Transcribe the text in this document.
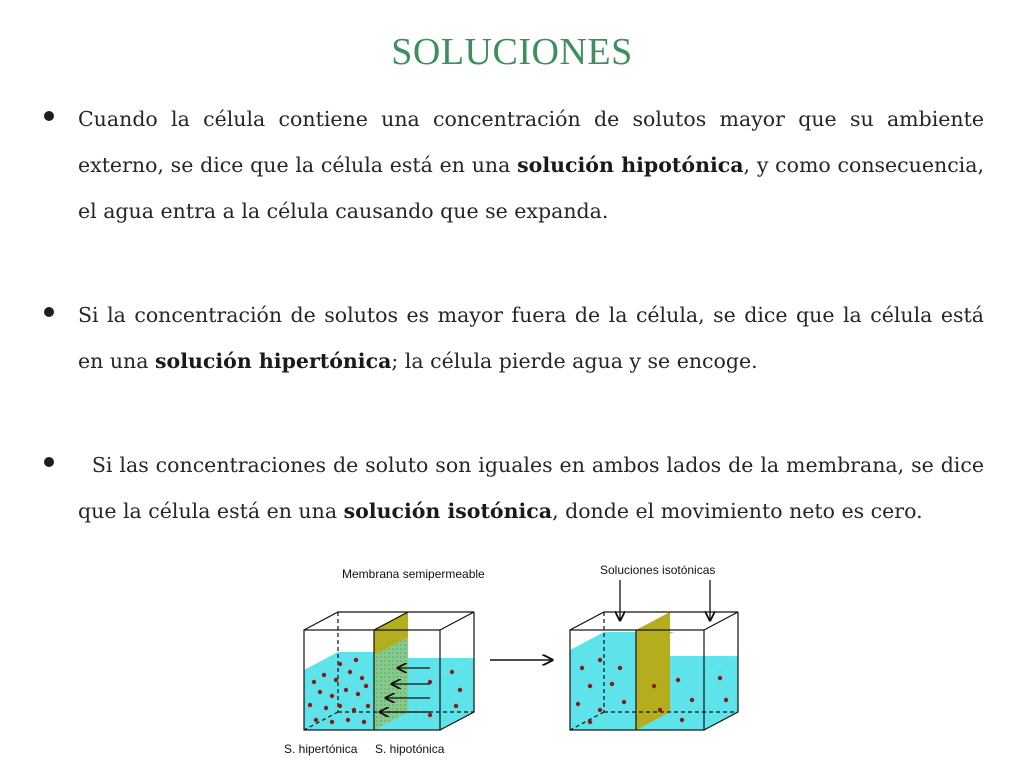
SOLUCIONES
Cuando la célula contiene una concentración de solutos mayor que su ambiente externo, se dice que la célula está en una solución hipotónica, y como consecuencia, el agua entra a la célula causando que se expanda.
Si la concentración de solutos es mayor fuera de la célula, se dice que la célula está en una solución hipertónica; la célula pierde agua y se encoge.
Si las concentraciones de soluto son iguales en ambos lados de la membrana, se dice que la célula está en una solución isotónica, donde el movimiento neto es cero.
Membrana semipermeable	Soluciones isotónicas
S. hipertónica S. hipotónica
